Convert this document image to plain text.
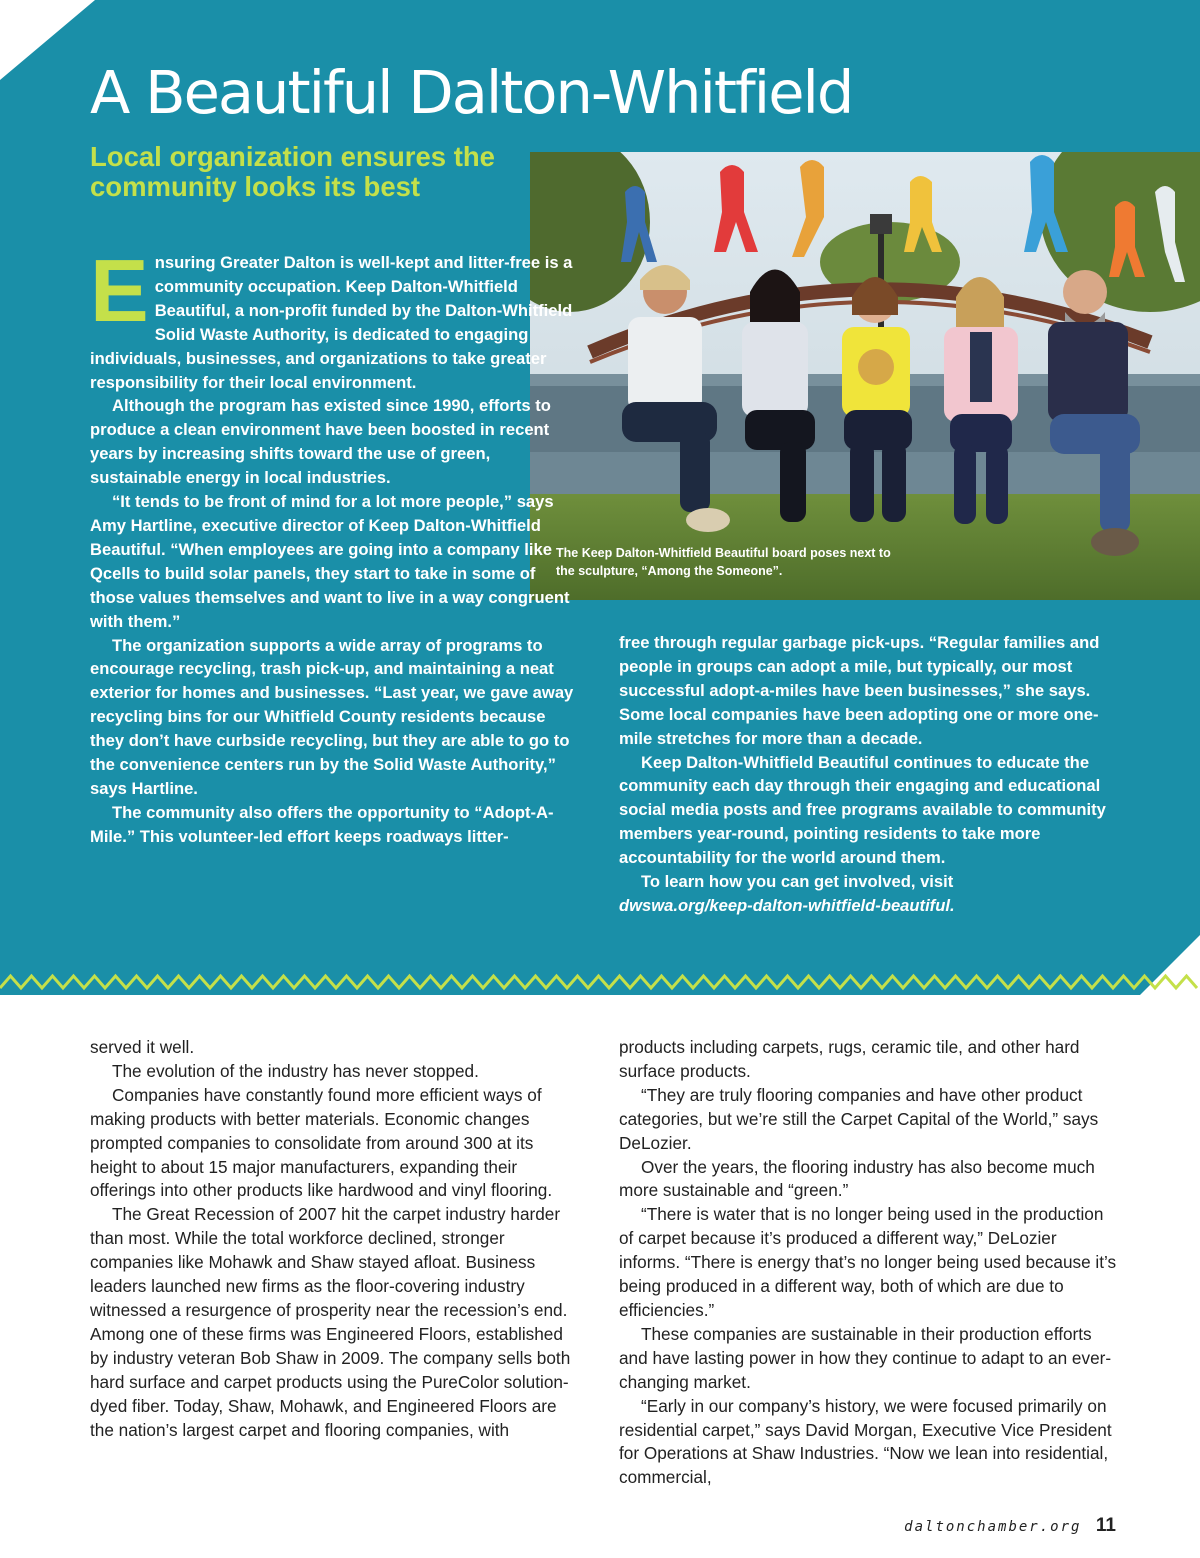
A Beautiful Dalton-Whitfield
Local organization ensures the community looks its best

The Keep Dalton-Whitfield Beautiful board poses next to the sculpture, “Among the Someone”.

E nsuring Greater Dalton is well-kept and litter-free is a community occupation. Keep Dalton-Whitfield Beautiful, a non-profit funded by the Dalton-Whitfield Solid Waste Authority, is dedicated to engaging individuals, businesses, and organizations to take greater responsibility for their local environment.

Although the program has existed since 1990, efforts to produce a clean environment have been boosted in recent years by increasing shifts toward the use of green, sustainable energy in local industries.

“It tends to be front of mind for a lot more people,” says Amy Hartline, executive director of Keep Dalton-Whitfield Beautiful. “When employees are going into a company like Qcells to build solar panels, they start to take in some of those values themselves and want to live in a way congruent with them.”

The organization supports a wide array of programs to encourage recycling, trash pick-up, and maintaining a neat exterior for homes and businesses. “Last year, we gave away recycling bins for our Whitfield County residents because they don’t have curbside recycling, but they are able to go to the convenience centers run by the Solid Waste Authority,” says Hartline.

The community also offers the opportunity to “Adopt-A-Mile.” This volunteer-led effort keeps roadways litter-

free through regular garbage pick-ups. “Regular families and people in groups can adopt a mile, but typically, our most successful adopt-a-miles have been businesses,” she says. Some local companies have been adopting one or more one-mile stretches for more than a decade.

Keep Dalton-Whitfield Beautiful continues to educate the community each day through their engaging and educational social media posts and free programs available to community members year-round, pointing residents to take more accountability for the world around them.

To learn how you can get involved, visit

dwswa.org/keep-dalton-whitfield-beautiful.

served it well.

The evolution of the industry has never stopped.

Companies have constantly found more efficient ways of making products with better materials. Economic changes prompted companies to consolidate from around 300 at its height to about 15 major manufacturers, expanding their offerings into other products like hardwood and vinyl flooring.

The Great Recession of 2007 hit the carpet industry harder than most. While the total workforce declined, stronger companies like Mohawk and Shaw stayed afloat. Business leaders launched new firms as the floor-covering industry witnessed a resurgence of prosperity near the recession’s end. Among one of these firms was Engineered Floors, established by industry veteran Bob Shaw in 2009. The company sells both hard surface and carpet products using the PureColor solution-dyed fiber. Today, Shaw, Mohawk, and Engineered Floors are the nation’s largest carpet and flooring companies, with

products including carpets, rugs, ceramic tile, and other hard surface products.

“They are truly flooring companies and have other product categories, but we’re still the Carpet Capital of the World,” says DeLozier.

Over the years, the flooring industry has also become much more sustainable and “green.”

“There is water that is no longer being used in the production of carpet because it’s produced a different way,” DeLozier informs. “There is energy that’s no longer being used because it’s being produced in a different way, both of which are due to efficiencies.”

These companies are sustainable in their production efforts and have lasting power in how they continue to adapt to an ever-changing market.

“Early in our company’s history, we were focused primarily on residential carpet,” says David Morgan, Executive Vice President for Operations at Shaw Industries. “Now we lean into residential, commercial,

daltonchamber.org 11
